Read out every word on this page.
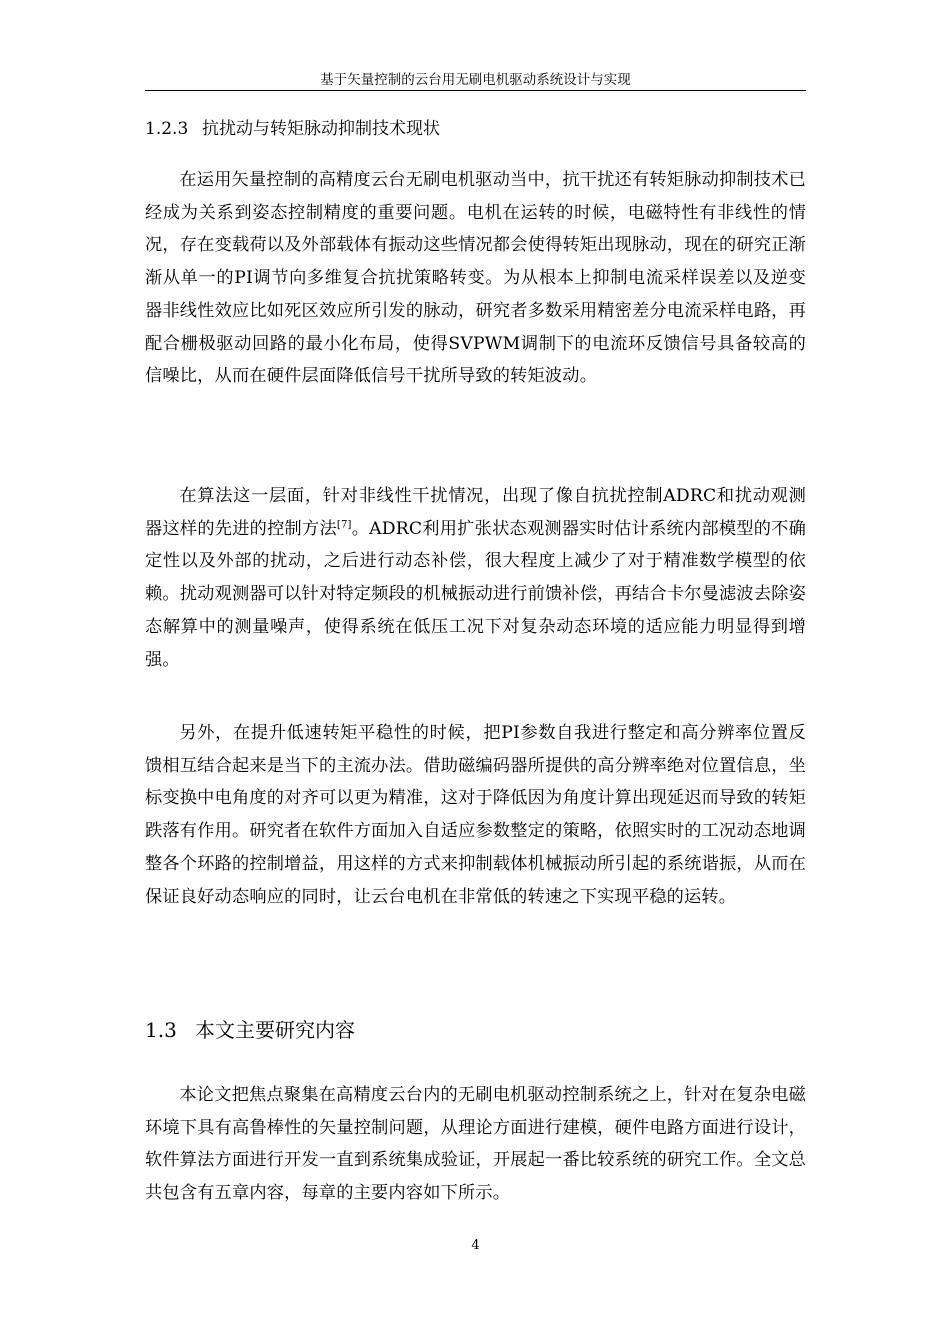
基于矢量控制的云台用无刷电机驱动系统设计与实现
1.2.3 抗扰动与转矩脉动抑制技术现状

在运用矢量控制的高精度云台无刷电机驱动当中，抗干扰还有转矩脉动抑制技术已经成为关系到姿态控制精度的重要问题。电机在运转的时候，电磁特性有非线性的情况，存在变载荷以及外部载体有振动这些情况都会使得转矩出现脉动，现在的研究正渐渐从单一的PI调节向多维复合抗扰策略转变。为从根本上抑制电流采样误差以及逆变器非线性效应比如死区效应所引发的脉动，研究者多数采用精密差分电流采样电路，再配合栅极驱动回路的最小化布局，使得SVPWM调制下的电流环反馈信号具备较高的信噪比，从而在硬件层面降低信号干扰所导致的转矩波动。

在算法这一层面，针对非线性干扰情况，出现了像自抗扰控制ADRC和扰动观测器这样的先进的控制方法[7]。ADRC利用扩张状态观测器实时估计系统内部模型的不确定性以及外部的扰动，之后进行动态补偿，很大程度上减少了对于精准数学模型的依赖。扰动观测器可以针对特定频段的机械振动进行前馈补偿，再结合卡尔曼滤波去除姿态解算中的测量噪声，使得系统在低压工况下对复杂动态环境的适应能力明显得到增强。

另外，在提升低速转矩平稳性的时候，把PI参数自我进行整定和高分辨率位置反馈相互结合起来是当下的主流办法。借助磁编码器所提供的高分辨率绝对位置信息，坐标变换中电角度的对齐可以更为精准，这对于降低因为角度计算出现延迟而导致的转矩跌落有作用。研究者在软件方面加入自适应参数整定的策略，依照实时的工况动态地调整各个环路的控制增益，用这样的方式来抑制载体机械振动所引起的系统谐振，从而在保证良好动态响应的同时，让云台电机在非常低的转速之下实现平稳的运转。

1.3 本文主要研究内容

本论文把焦点聚集在高精度云台内的无刷电机驱动控制系统之上，针对在复杂电磁环境下具有高鲁棒性的矢量控制问题，从理论方面进行建模，硬件电路方面进行设计，软件算法方面进行开发一直到系统集成验证，开展起一番比较系统的研究工作。全文总共包含有五章内容，每章的主要内容如下所示。

4
